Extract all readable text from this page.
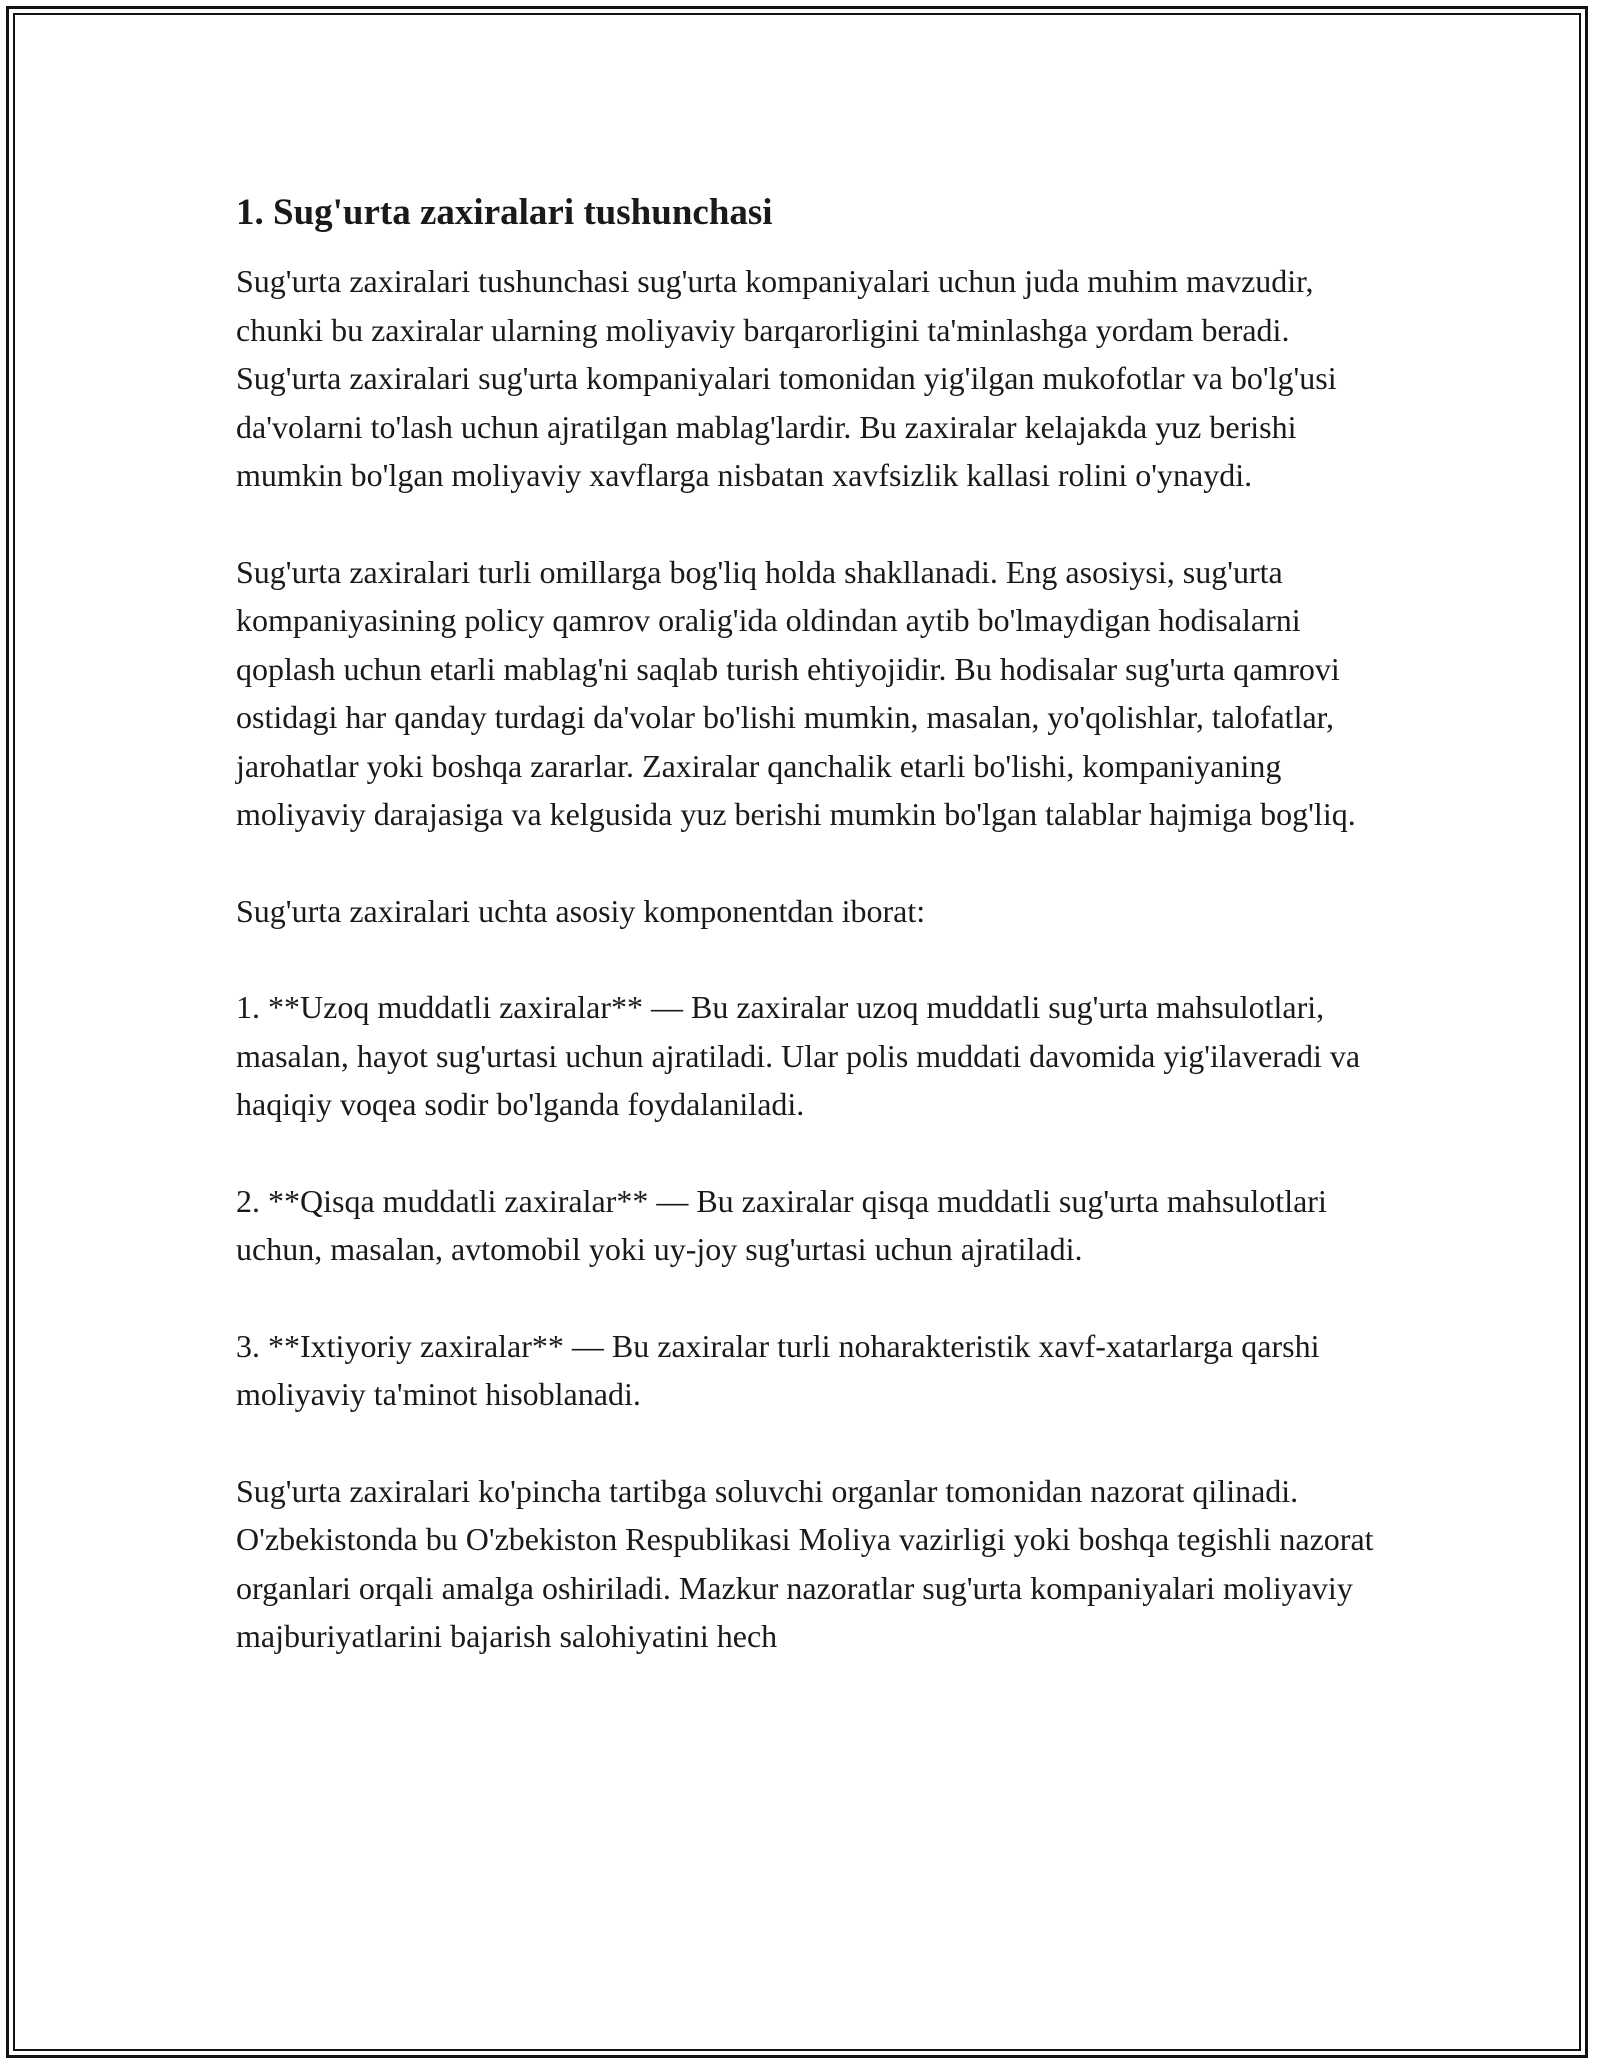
1. Sug'urta zaxiralari tushunchasi

Sug'urta zaxiralari tushunchasi sug'urta kompaniyalari uchun juda muhim mavzudir, chunki bu zaxiralar ularning moliyaviy barqarorligini ta'minlashga yordam beradi. Sug'urta zaxiralari sug'urta kompaniyalari tomonidan yig'ilgan mukofotlar va bo'lg'usi da'volarni to'lash uchun ajratilgan mablag'lardir. Bu zaxiralar kelajakda yuz berishi mumkin bo'lgan moliyaviy xavflarga nisbatan xavfsizlik kallasi rolini o'ynaydi.

Sug'urta zaxiralari turli omillarga bog'liq holda shakllanadi. Eng asosiysi, sug'urta kompaniyasining policy qamrov oralig'ida oldindan aytib bo'lmaydigan hodisalarni qoplash uchun etarli mablag'ni saqlab turish ehtiyojidir. Bu hodisalar sug'urta qamrovi ostidagi har qanday turdagi da'volar bo'lishi mumkin, masalan, yo'qolishlar, talofatlar, jarohatlar yoki boshqa zararlar. Zaxiralar qanchalik etarli bo'lishi, kompaniyaning moliyaviy darajasiga va kelgusida yuz berishi mumkin bo'lgan talablar hajmiga bog'liq.

Sug'urta zaxiralari uchta asosiy komponentdan iborat:

1. **Uzoq muddatli zaxiralar** — Bu zaxiralar uzoq muddatli sug'urta mahsulotlari, masalan, hayot sug'urtasi uchun ajratiladi. Ular polis muddati davomida yig'ilaveradi va haqiqiy voqea sodir bo'lganda foydalaniladi.

2. **Qisqa muddatli zaxiralar** — Bu zaxiralar qisqa muddatli sug'urta mahsulotlari uchun, masalan, avtomobil yoki uy-joy sug'urtasi uchun ajratiladi.

3. **Ixtiyoriy zaxiralar** — Bu zaxiralar turli noharakteristik xavf-xatarlarga qarshi moliyaviy ta'minot hisoblanadi.

Sug'urta zaxiralari ko'pincha tartibga soluvchi organlar tomonidan nazorat qilinadi. O'zbekistonda bu O'zbekiston Respublikasi Moliya vazirligi yoki boshqa tegishli nazorat organlari orqali amalga oshiriladi. Mazkur nazoratlar sug'urta kompaniyalari moliyaviy majburiyatlarini bajarish salohiyatini hech
